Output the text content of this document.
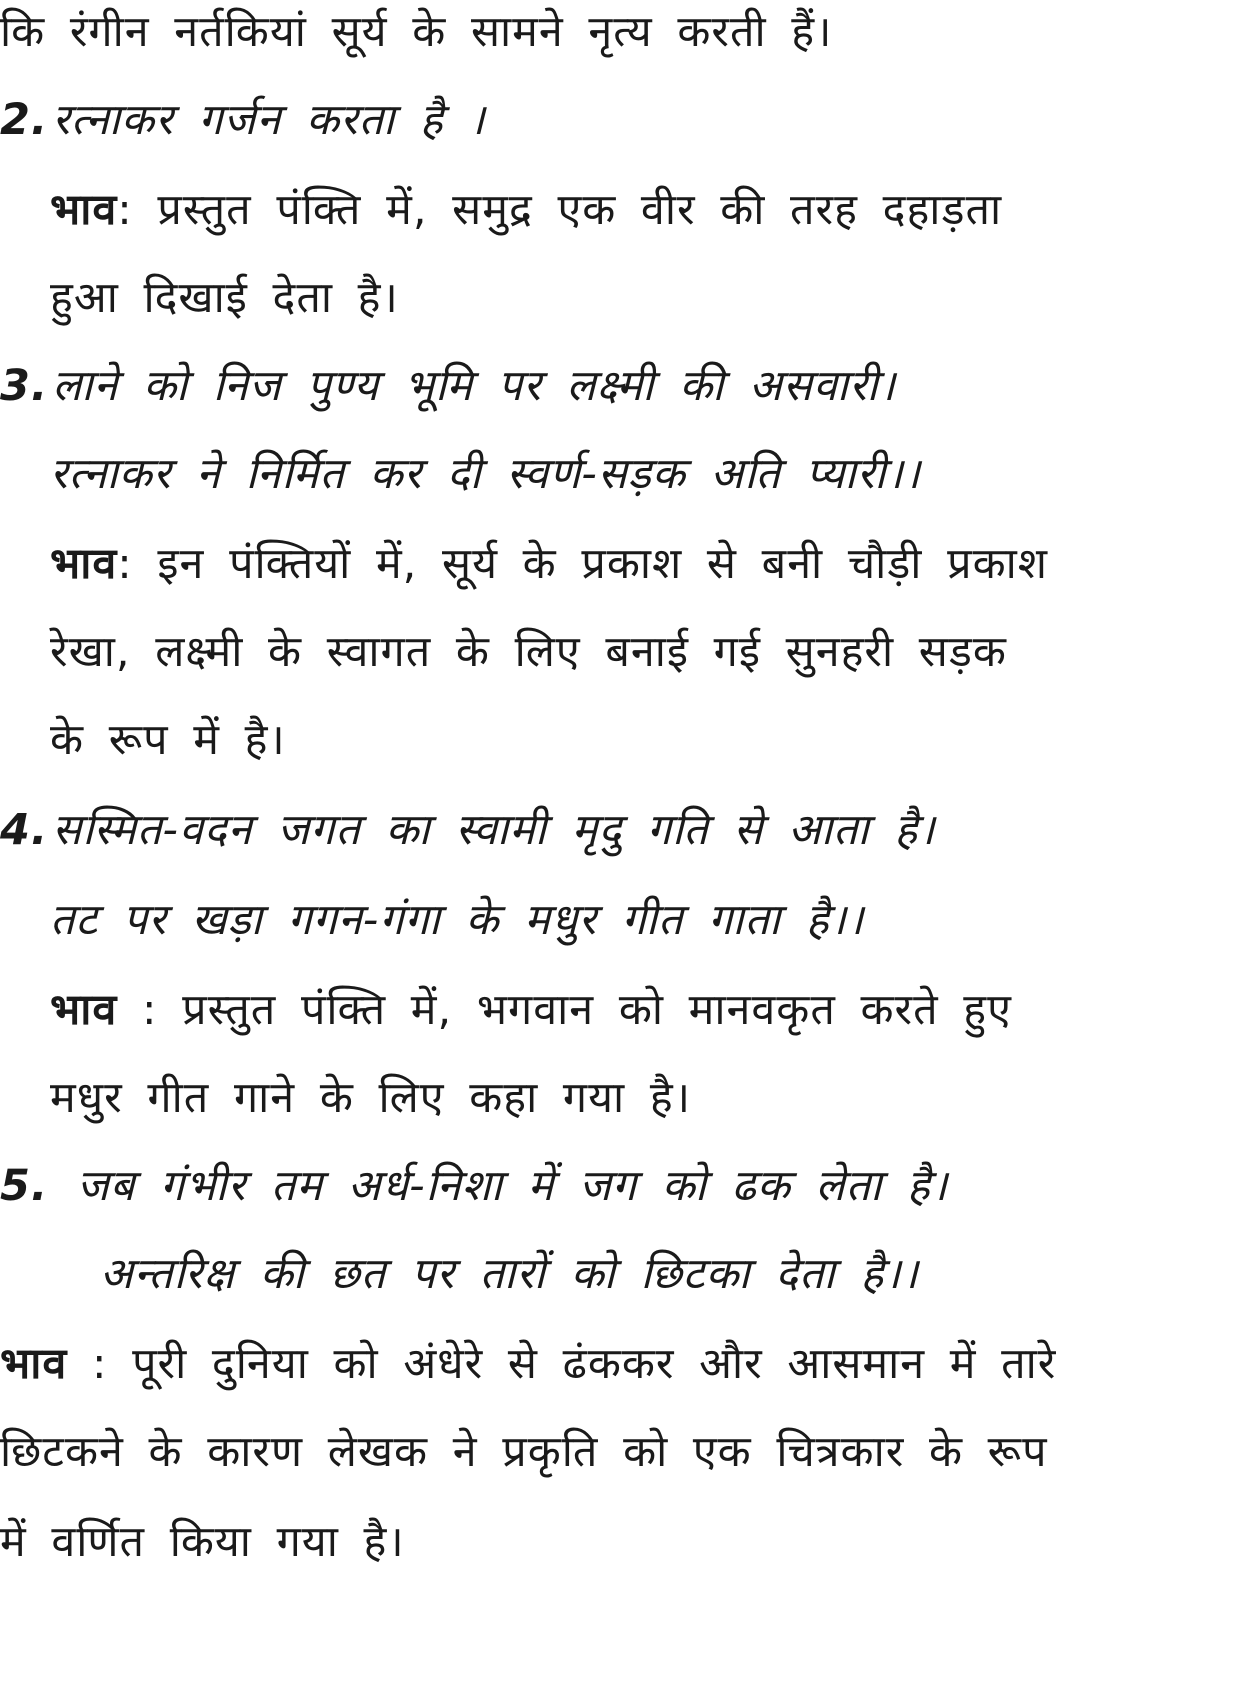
कि रंगीन नर्तकियां सूर्य के सामने नृत्य करती हैं।
2.रत्नाकर गर्जन करता है ।
भाव: प्रस्तुत पंक्ति में, समुद्र एक वीर की तरह दहाड़ता
हुआ दिखाई देता है।
3.लाने को निज पुण्य भूमि पर लक्ष्मी की असवारी।
रत्नाकर ने निर्मित कर दी स्वर्ण-सड़क अति प्यारी।।
भाव: इन पंक्तियों में, सूर्य के प्रकाश से बनी चौड़ी प्रकाश
रेखा, लक्ष्मी के स्वागत के लिए बनाई गई सुनहरी सड़क
के रूप में है।
4.सस्मित-वदन जगत का स्वामी मृदु गति से आता है।
तट पर खड़ा गगन-गंगा के मधुर गीत गाता है।।
भाव : प्रस्तुत पंक्ति में, भगवान को मानवकृत करते हुए
मधुर गीत गाने के लिए कहा गया है।
5. जब गंभीर तम अर्ध-निशा में जग को ढक लेता है।
अन्तरिक्ष की छत पर तारों को छिटका देता है।।
भाव : पूरी दुनिया को अंधेरे से ढंककर और आसमान में तारे
छिटकने के कारण लेखक ने प्रकृति को एक चित्रकार के रूप
में वर्णित किया गया है।
